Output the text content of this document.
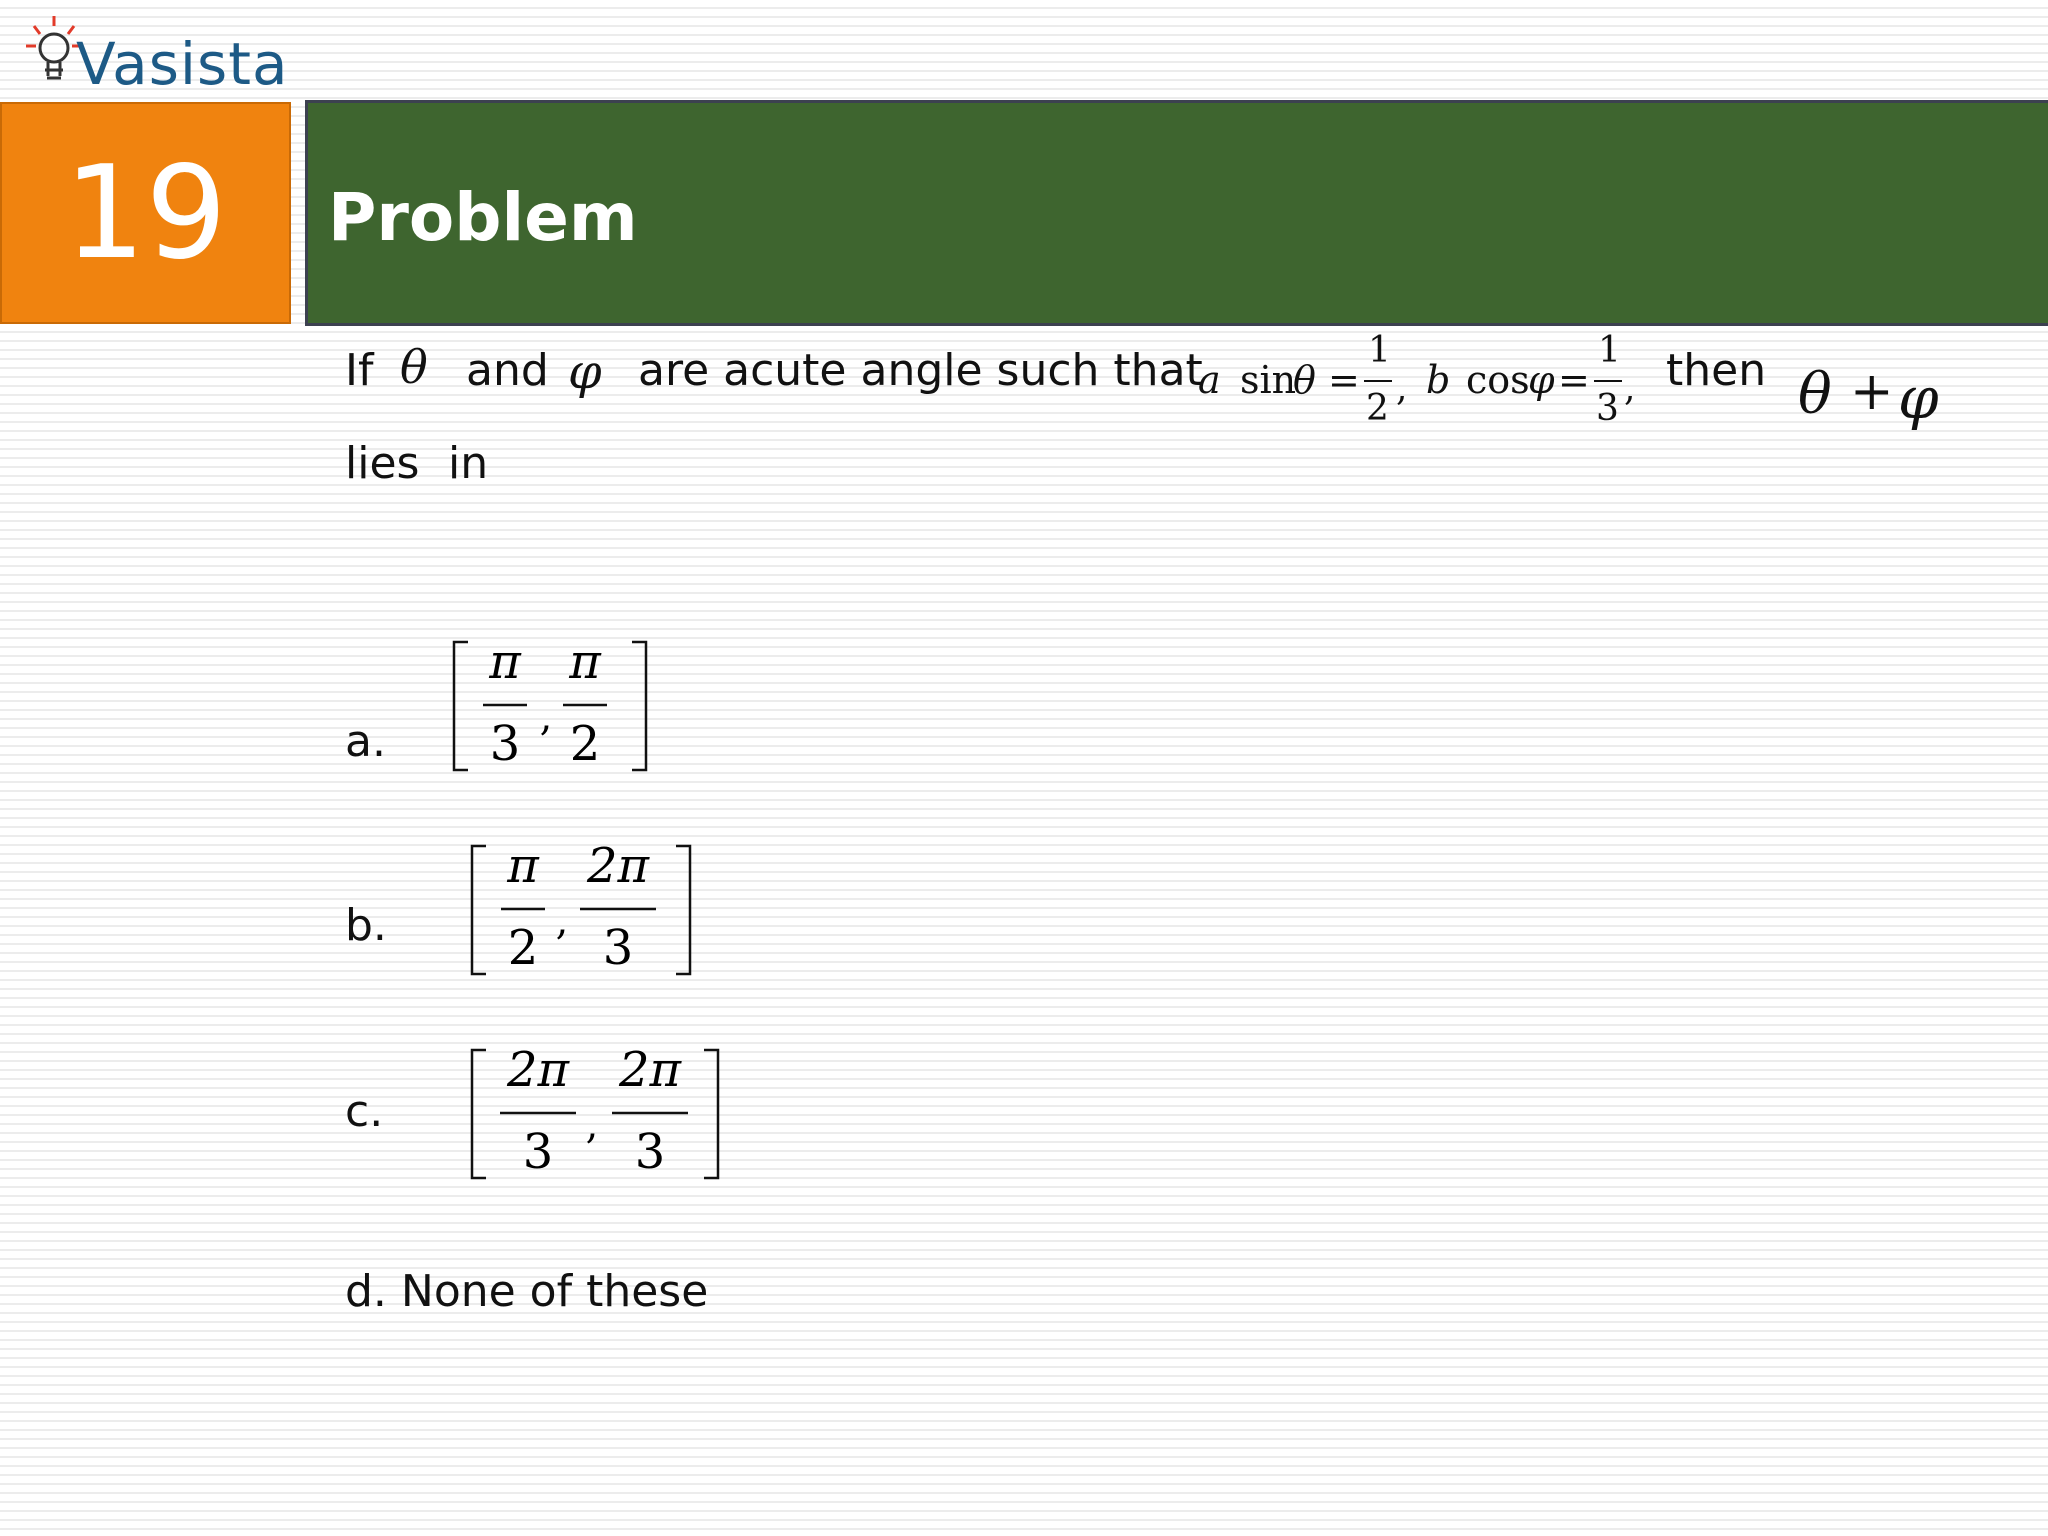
Vasista
19 Problem
If θ and φ are acute angle such that
a sin
θ =
1
2 , b cos
φ =
1
3 , then θ + φ
lies in
a.
π
3 ,
π
2
b.
π
2 ,
2π
3
c.
2π
3 ,
2π
3
d. None of these
